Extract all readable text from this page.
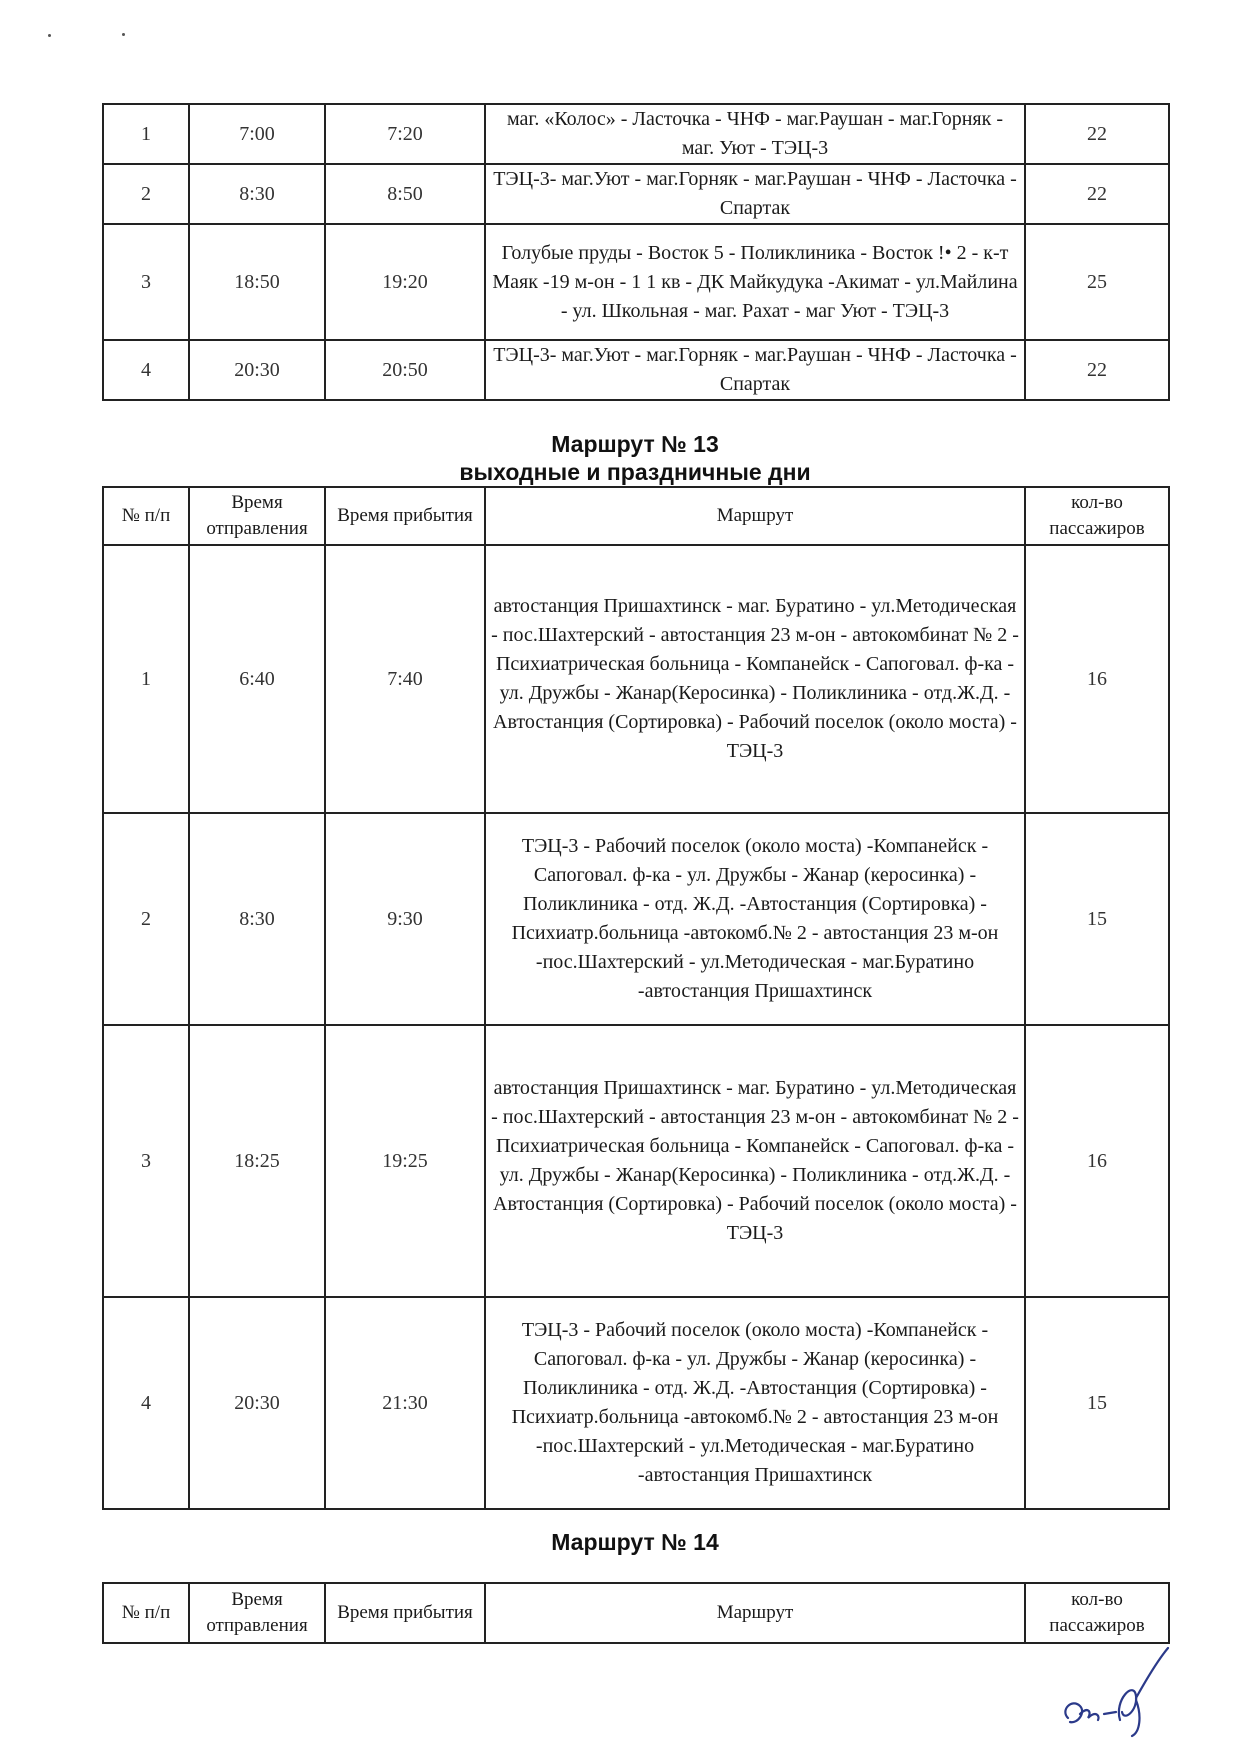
1	7:00	7:20	маг. «Колос» - Ласточка - ЧНФ - маг.Раушан - маг.Горняк - маг. Уют - ТЭЦ-3	22
2	8:30	8:50	ТЭЦ-3- маг.Уют - маг.Горняк - маг.Раушан - ЧНФ - Ласточка - Спартак	22
3	18:50	19:20	Голубые пруды - Восток 5 - Поликлиника - Восток !• 2 - к-т Маяк -19 м-он - 1 1 кв - ДК Майкудука -Акимат - ул.Майлина - ул. Школьная - маг. Рахат - маг Уют - ТЭЦ-3	25
4	20:30	20:50	ТЭЦ-3- маг.Уют - маг.Горняк - маг.Раушан - ЧНФ - Ласточка - Спартак	22
Маршрут № 13
выходные и праздничные дни
№ п/п	Время отправления	Время прибытия	Маршрут	кол-во пассажиров
1	6:40	7:40	автостанция Пришахтинск - маг. Буратино - ул.Методическая - пос.Шахтерский - автостанция 23 м-он - автокомбинат № 2 - Психиатрическая больница - Компанейск - Сапоговал. ф-ка - ул. Дружбы - Жанар(Керосинка) - Поликлиника - отд.Ж.Д. - Автостанция (Сортировка) - Рабочий поселок (около моста) - ТЭЦ-3	16
2	8:30	9:30	ТЭЦ-3 - Рабочий поселок (около моста) -Компанейск - Сапоговал. ф-ка - ул. Дружбы - Жанар (керосинка) - Поликлиника - отд. Ж.Д. -Автостанция (Сортировка) - Психиатр.больница -автокомб.№ 2 - автостанция 23 м-он -пос.Шахтерский - ул.Методическая - маг.Буратино -автостанция Пришахтинск	15
3	18:25	19:25	автостанция Пришахтинск - маг. Буратино - ул.Методическая - пос.Шахтерский - автостанция 23 м-он - автокомбинат № 2 - Психиатрическая больница - Компанейск - Сапоговал. ф-ка - ул. Дружбы - Жанар(Керосинка) - Поликлиника - отд.Ж.Д. - Автостанция (Сортировка) - Рабочий поселок (около моста) - ТЭЦ-3	16
4	20:30	21:30	ТЭЦ-3 - Рабочий поселок (около моста) -Компанейск - Сапоговал. ф-ка - ул. Дружбы - Жанар (керосинка) - Поликлиника - отд. Ж.Д. -Автостанция (Сортировка) - Психиатр.больница -автокомб.№ 2 - автостанция 23 м-он -пос.Шахтерский - ул.Методическая - маг.Буратино -автостанция Пришахтинск	15
Маршрут № 14
№ п/п	Время отправления	Время прибытия	Маршрут	кол-во пассажиров
